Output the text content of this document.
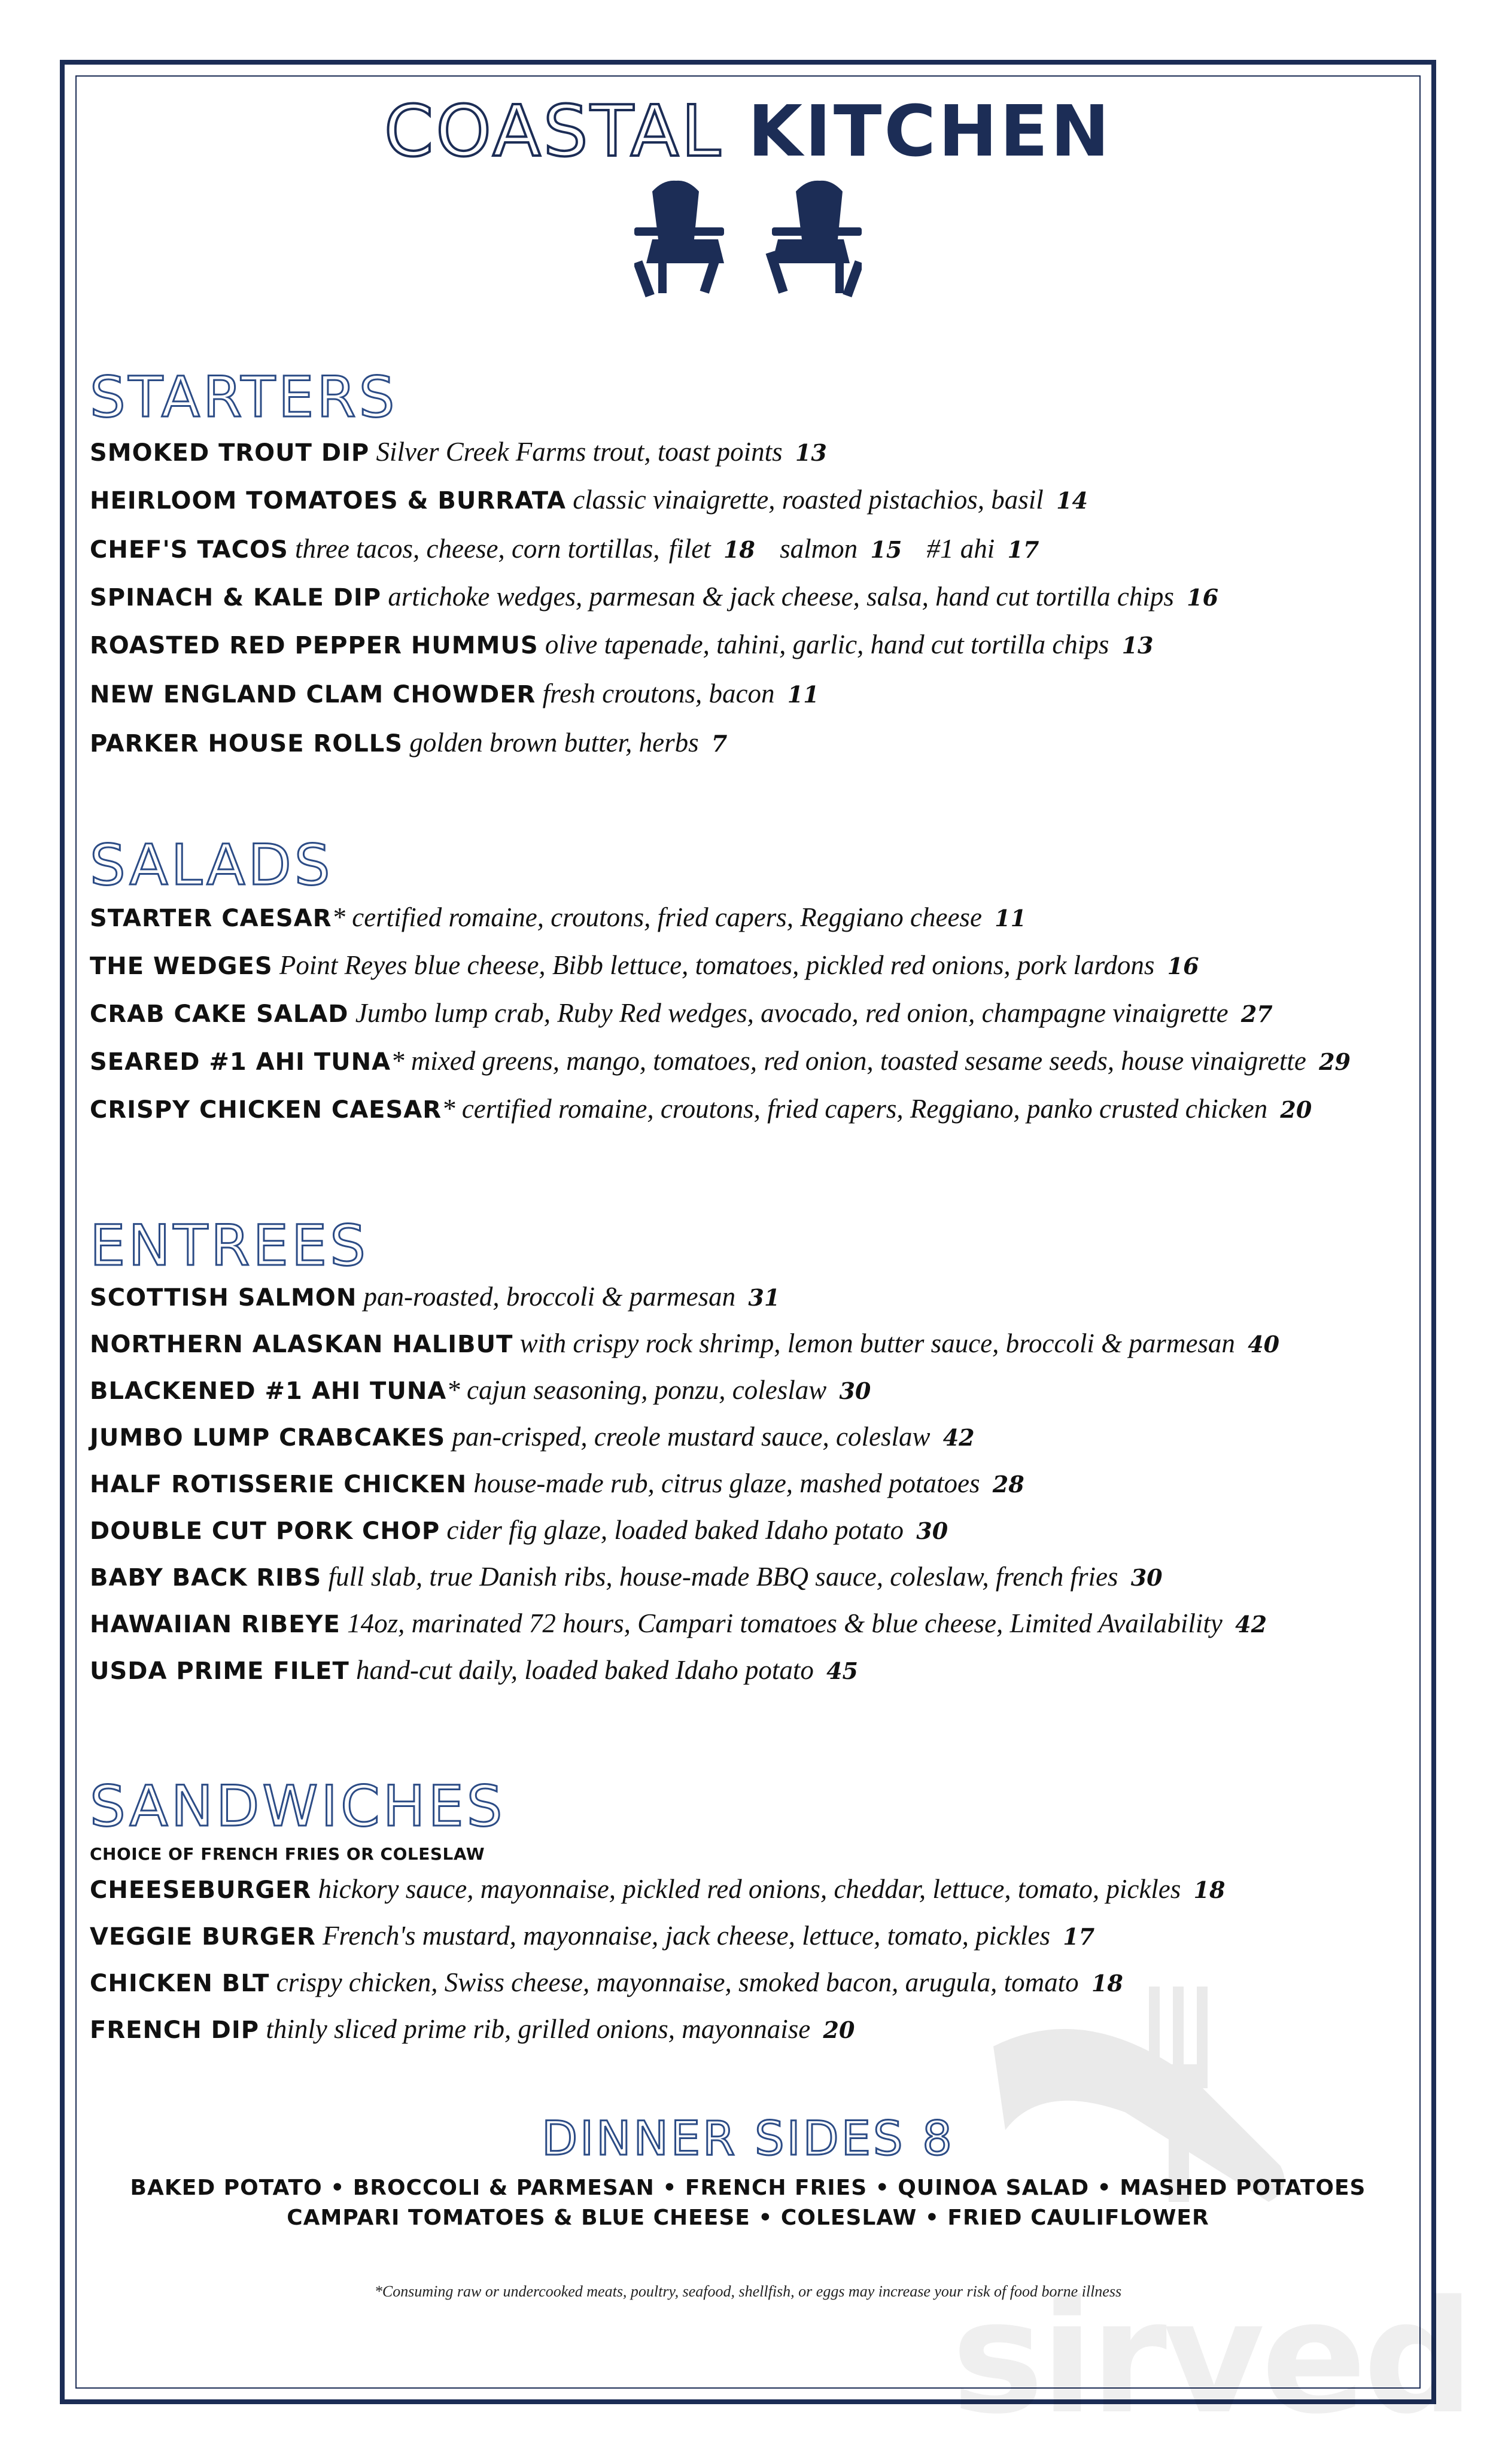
sirved
COASTAL KITCHEN
STARTERS
SMOKED TROUT DIP Silver Creek Farms trout, toast points 13
HEIRLOOM TOMATOES & BURRATA classic vinaigrette, roasted pistachios, basil 14
CHEF'S TACOS three tacos, cheese, corn tortillas, filet 18 salmon 15 #1 ahi 17
SPINACH & KALE DIP artichoke wedges, parmesan & jack cheese, salsa, hand cut tortilla chips 16
ROASTED RED PEPPER HUMMUS olive tapenade, tahini, garlic, hand cut tortilla chips 13
NEW ENGLAND CLAM CHOWDER fresh croutons, bacon 11
PARKER HOUSE ROLLS golden brown butter, herbs 7
SALADS
STARTER CAESAR* certified romaine, croutons, fried capers, Reggiano cheese 11
THE WEDGES Point Reyes blue cheese, Bibb lettuce, tomatoes, pickled red onions, pork lardons 16
CRAB CAKE SALAD Jumbo lump crab, Ruby Red wedges, avocado, red onion, champagne vinaigrette 27
SEARED #1 AHI TUNA* mixed greens, mango, tomatoes, red onion, toasted sesame seeds, house vinaigrette 29
CRISPY CHICKEN CAESAR* certified romaine, croutons, fried capers, Reggiano, panko crusted chicken 20
ENTREES
SCOTTISH SALMON pan-roasted, broccoli & parmesan 31
NORTHERN ALASKAN HALIBUT with crispy rock shrimp, lemon butter sauce, broccoli & parmesan 40
BLACKENED #1 AHI TUNA* cajun seasoning, ponzu, coleslaw 30
JUMBO LUMP CRABCAKES pan-crisped, creole mustard sauce, coleslaw 42
HALF ROTISSERIE CHICKEN house-made rub, citrus glaze, mashed potatoes 28
DOUBLE CUT PORK CHOP cider fig glaze, loaded baked Idaho potato 30
BABY BACK RIBS full slab, true Danish ribs, house-made BBQ sauce, coleslaw, french fries 30
HAWAIIAN RIBEYE 14oz, marinated 72 hours, Campari tomatoes & blue cheese, Limited Availability 42
USDA PRIME FILET hand-cut daily, loaded baked Idaho potato 45
SANDWICHES
CHOICE OF FRENCH FRIES OR COLESLAW
CHEESEBURGER hickory sauce, mayonnaise, pickled red onions, cheddar, lettuce, tomato, pickles 18
VEGGIE BURGER French's mustard, mayonnaise, jack cheese, lettuce, tomato, pickles 17
CHICKEN BLT crispy chicken, Swiss cheese, mayonnaise, smoked bacon, arugula, tomato 18
FRENCH DIP thinly sliced prime rib, grilled onions, mayonnaise 20
DINNER SIDES 8
BAKED POTATO • BROCCOLI & PARMESAN • FRENCH FRIES • QUINOA SALAD • MASHED POTATOES
CAMPARI TOMATOES & BLUE CHEESE • COLESLAW • FRIED CAULIFLOWER
*Consuming raw or undercooked meats, poultry, seafood, shellfish, or eggs may increase your risk of food borne illness
